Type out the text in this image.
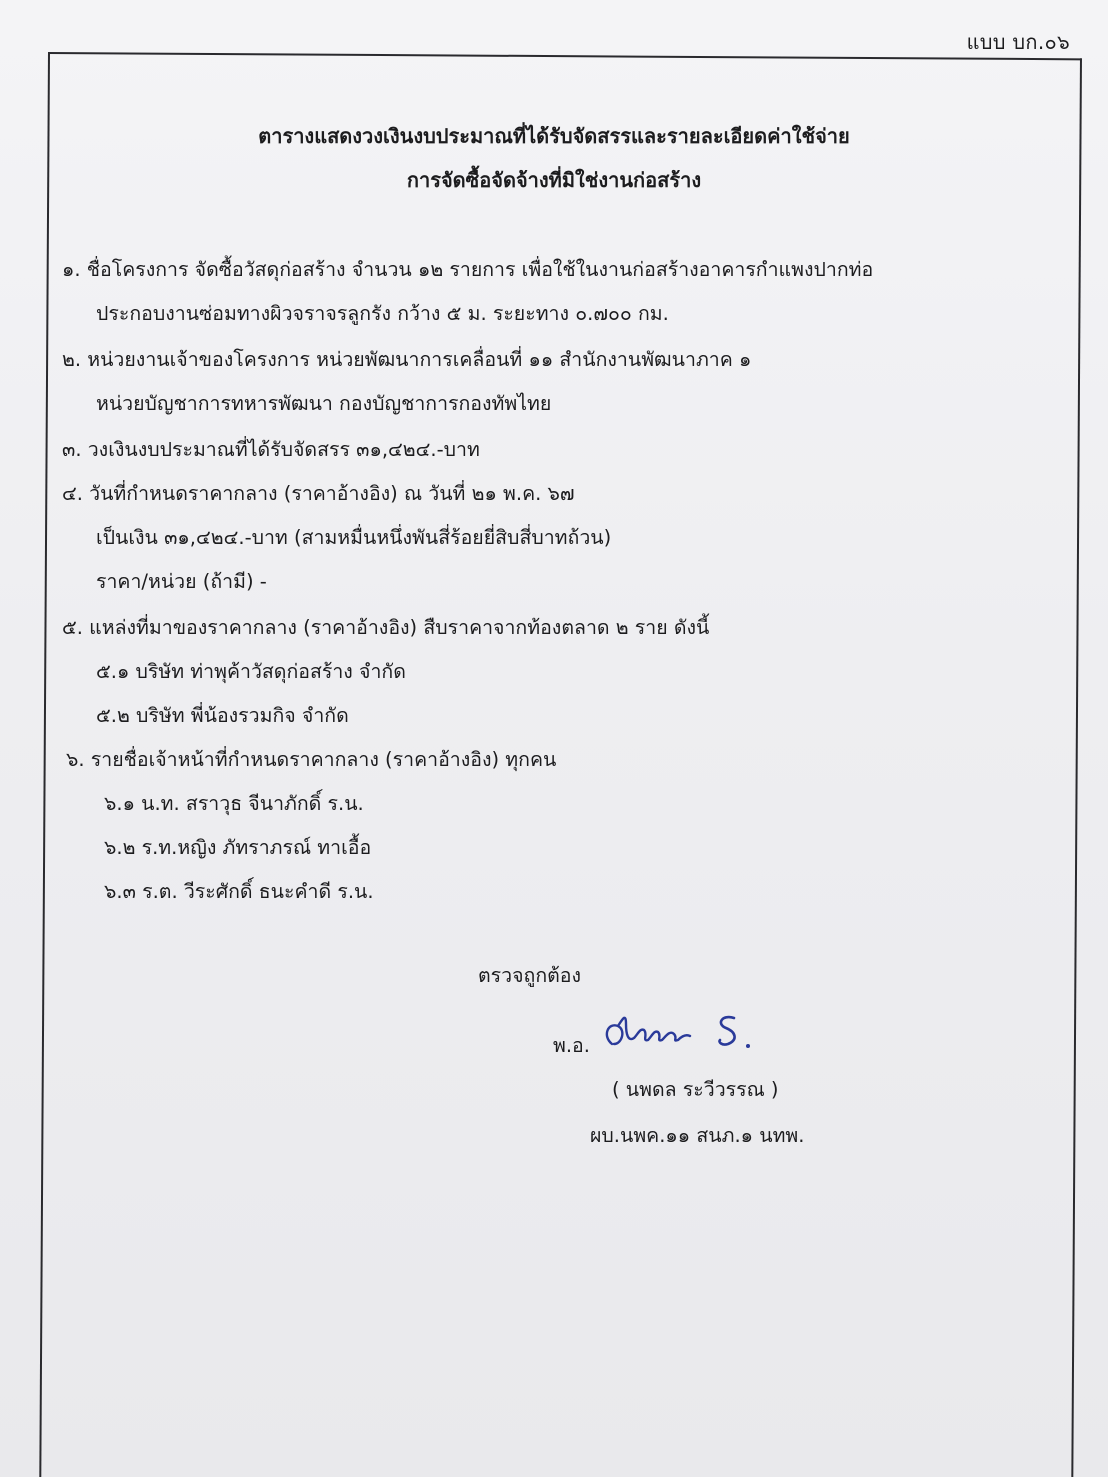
แบบ บก.๐๖
ตารางแสดงวงเงินงบประมาณที่ได้รับจัดสรรและรายละเอียดค่าใช้จ่าย
การจัดซื้อจัดจ้างที่มิใช่งานก่อสร้าง
๑. ชื่อโครงการ จัดซื้อวัสดุก่อสร้าง จำนวน ๑๒ รายการ เพื่อใช้ในงานก่อสร้างอาคารกำแพงปากท่อ
ประกอบงานซ่อมทางผิวจราจรลูกรัง กว้าง ๕ ม. ระยะทาง ๐.๗๐๐ กม.
๒. หน่วยงานเจ้าของโครงการ หน่วยพัฒนาการเคลื่อนที่ ๑๑ สำนักงานพัฒนาภาค ๑
หน่วยบัญชาการทหารพัฒนา กองบัญชาการกองทัพไทย
๓. วงเงินงบประมาณที่ได้รับจัดสรร ๓๑,๔๒๔.-บาท
๔. วันที่กำหนดราคากลาง (ราคาอ้างอิง) ณ วันที่ ๒๑ พ.ค. ๖๗
เป็นเงิน ๓๑,๔๒๔.-บาท (สามหมื่นหนึ่งพันสี่ร้อยยี่สิบสี่บาทถ้วน)
ราคา/หน่วย (ถ้ามี) -
๕. แหล่งที่มาของราคากลาง (ราคาอ้างอิง) สืบราคาจากท้องตลาด ๒ ราย ดังนี้
๕.๑ บริษัท ท่าพุค้าวัสดุก่อสร้าง จำกัด
๕.๒ บริษัท พี่น้องรวมกิจ จำกัด
๖. รายชื่อเจ้าหน้าที่กำหนดราคากลาง (ราคาอ้างอิง) ทุกคน
๖.๑ น.ท. สราวุธ จีนาภักดิ์ ร.น.
๖.๒ ร.ท.หญิง ภัทราภรณ์ ทาเอื้อ
๖.๓ ร.ต. วีระศักดิ์ ธนะคำดี ร.น.
ตรวจถูกต้อง
พ.อ.
( นพดล ระวีวรรณ )
ผบ.นพค.๑๑ สนภ.๑ นทพ.
